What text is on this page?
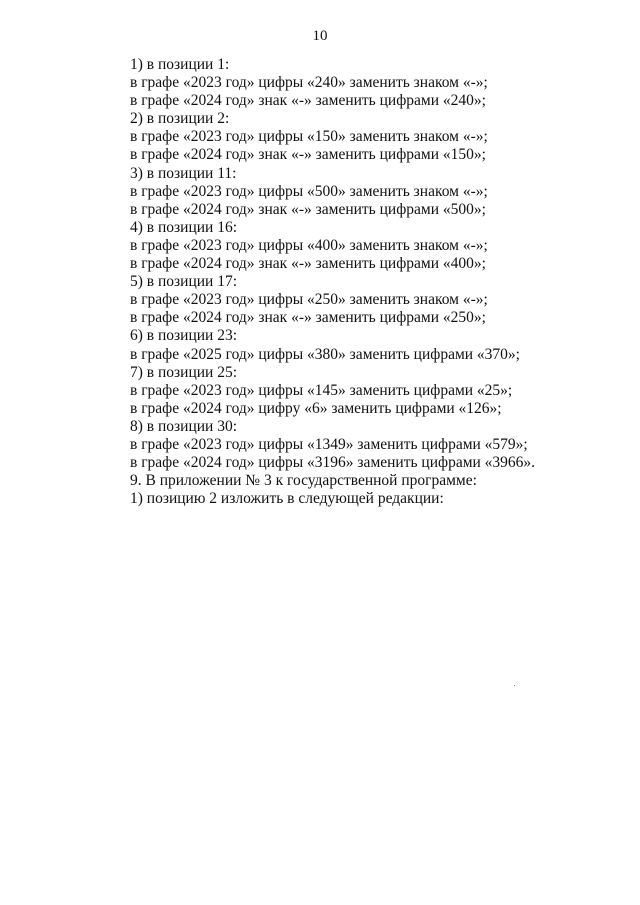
10
1) в позиции 1:
в графе «2023 год» цифры «240» заменить знаком «-»;
в графе «2024 год» знак «-» заменить цифрами «240»;
2) в позиции 2:
в графе «2023 год» цифры «150» заменить знаком «-»;
в графе «2024 год» знак «-» заменить цифрами «150»;
3) в позиции 11:
в графе «2023 год» цифры «500» заменить знаком «-»;
в графе «2024 год» знак «-» заменить цифрами «500»;
4) в позиции 16:
в графе «2023 год» цифры «400» заменить знаком «-»;
в графе «2024 год» знак «-» заменить цифрами «400»;
5) в позиции 17:
в графе «2023 год» цифры «250» заменить знаком «-»;
в графе «2024 год» знак «-» заменить цифрами «250»;
6) в позиции 23:
в графе «2025 год» цифры «380» заменить цифрами «370»;
7) в позиции 25:
в графе «2023 год» цифры «145» заменить цифрами «25»;
в графе «2024 год» цифру «6» заменить цифрами «126»;
8) в позиции 30:
в графе «2023 год» цифры «1349» заменить цифрами «579»;
в графе «2024 год» цифры «3196» заменить цифрами «3966».
9. В приложении № 3 к государственной программе:
1) позицию 2 изложить в следующей редакции:
